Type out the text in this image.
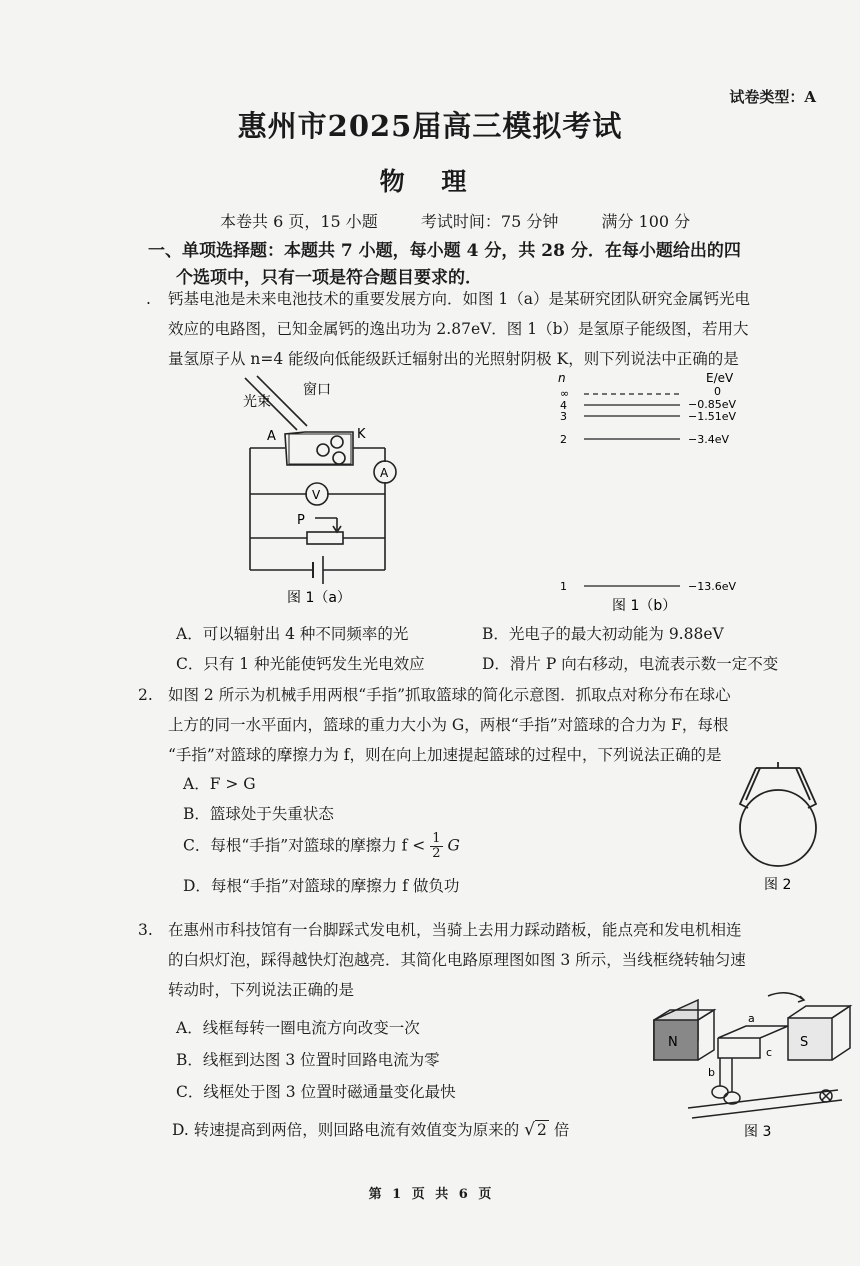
试卷类型：A
惠州市2025届高三模拟考试
物 理
本卷共 6 页，15 小题	考试时间：75 分钟	满分 100 分
一、单项选择题：本题共 7 小题，每小题 4 分，共 28 分．在每小题给出的四
个选项中，只有一项是符合题目要求的．
. 钙基电池是未来电池技术的重要发展方向．如图 1（a）是某研究团队研究金属钙光电
效应的电路图，已知金属钙的逸出功为 2.87eV．图 1（b）是氢原子能级图，若用大
量氢原子从 n=4 能级向低能级跃迁辐射出的光照射阴极 K，则下列说法中正确的是
光束
窗口
A	K
A
V
P
图 1（a）
n	E/eV
∞
4
3
2
1
0
−0.85eV
−1.51eV
−3.4eV
−13.6eV
图 1（b）
A．可以辐射出 4 种不同频率的光	B．光电子的最大初动能为 9.88eV
C．只有 1 种光能使钙发生光电效应	D．滑片 P 向右移动，电流表示数一定不变
2. 如图 2 所示为机械手用两根“手指”抓取篮球的简化示意图．抓取点对称分布在球心
上方的同一水平面内，篮球的重力大小为 G，两根“手指”对篮球的合力为 F，每根
“手指”对篮球的摩擦力为 f，则在向上加速提起篮球的过程中，下列说法正确的是
A．F > G
B．篮球处于失重状态
C．每根“手指”对篮球的摩擦力 $f < \frac{1}{2}$ G
D．每根“手指”对篮球的摩擦力 f 做负功	图 2
3. 在惠州市科技馆有一台脚踩式发电机，当骑上去用力踩动踏板，能点亮和发电机相连
的白炽灯泡，踩得越快灯泡越亮．其简化电路原理图如图 3 所示，当线框绕转轴匀速
转动时，下列说法正确的是
A．线框每转一圈电流方向改变一次
B．线框到达图 3 位置时回路电流为零
C．线框处于图 3 位置时磁通量变化最快
D. 转速提高到两倍，则回路电流有效值变为原来的 √ 2 倍
N	S
a
b
c
图 3
第 1 页 共 6 页
